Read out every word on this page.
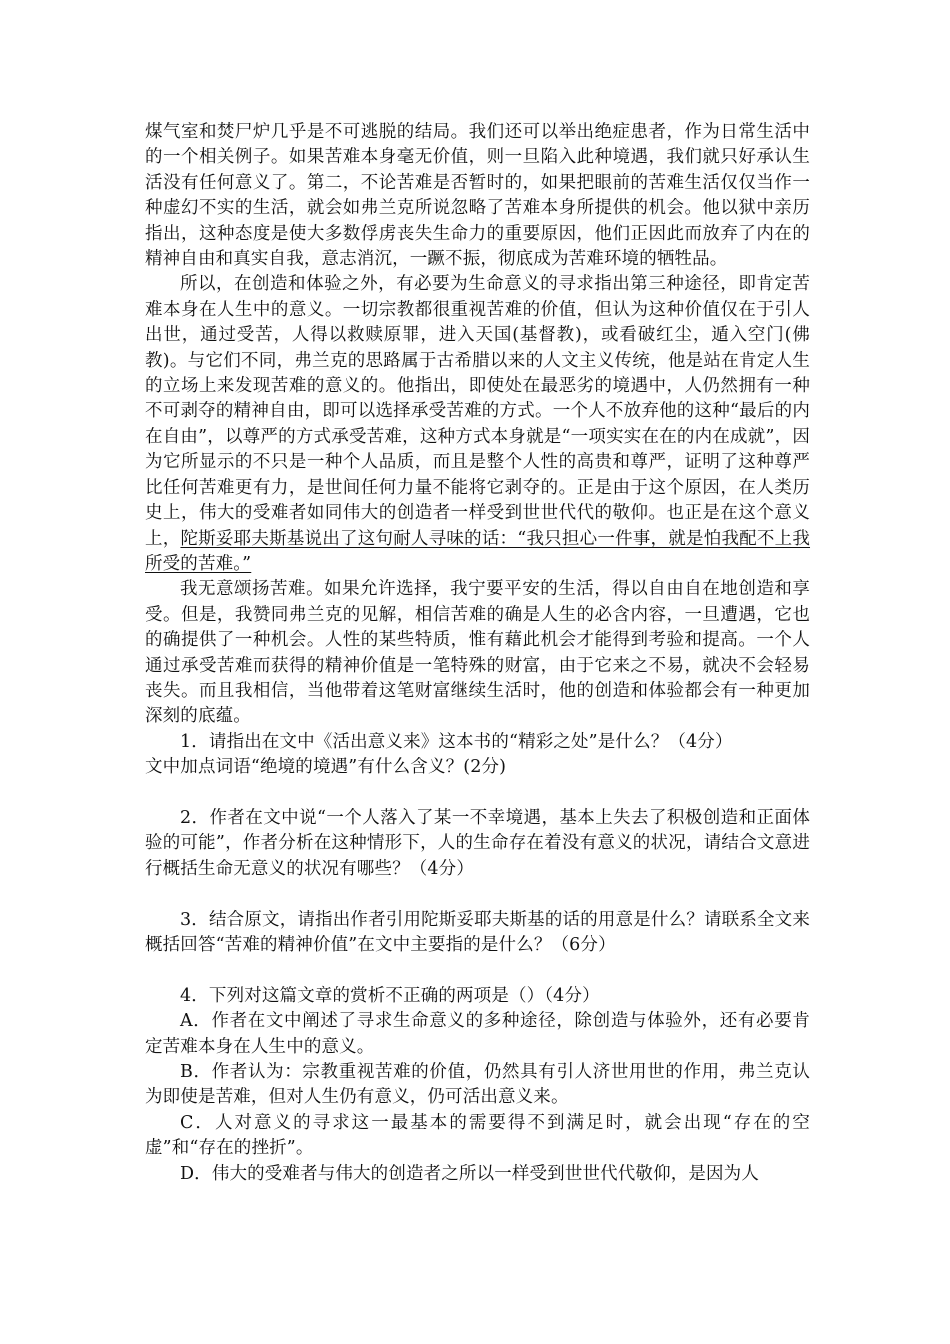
煤气室和焚尸炉几乎是不可逃脱的结局。我们还可以举出绝症患者，作为日常生活中的一个相关例子。如果苦难本身毫无价值，则一旦陷入此种境遇，我们就只好承认生活没有任何意义了。第二，不论苦难是否暂时的，如果把眼前的苦难生活仅仅当作一种虚幻不实的生活，就会如弗兰克所说忽略了苦难本身所提供的机会。他以狱中亲历指出，这种态度是使大多数俘虏丧失生命力的重要原因，他们正因此而放弃了内在的精神自由和真实自我，意志消沉，一蹶不振，彻底成为苦难环境的牺牲品。

所以，在创造和体验之外，有必要为生命意义的寻求指出第三种途径，即肯定苦难本身在人生中的意义。一切宗教都很重视苦难的价值，但认为这种价值仅在于引人出世，通过受苦，人得以救赎原罪，进入天国(基督教)，或看破红尘，遁入空门(佛教)。与它们不同，弗兰克的思路属于古希腊以来的人文主义传统，他是站在肯定人生的立场上来发现苦难的意义的。他指出，即使处在最恶劣的境遇中，人仍然拥有一种不可剥夺的精神自由，即可以选择承受苦难的方式。一个人不放弃他的这种“最后的内在自由”，以尊严的方式承受苦难，这种方式本身就是“一项实实在在的内在成就”，因为它所显示的不只是一种个人品质，而且是整个人性的高贵和尊严，证明了这种尊严比任何苦难更有力，是世间任何力量不能将它剥夺的。正是由于这个原因，在人类历史上，伟大的受难者如同伟大的创造者一样受到世世代代的敬仰。也正是在这个意义上，陀斯妥耶夫斯基说出了这句耐人寻味的话：“我只担心一件事，就是怕我配不上我所受的苦难。”

我无意颂扬苦难。如果允许选择，我宁要平安的生活，得以自由自在地创造和享受。但是，我赞同弗兰克的见解，相信苦难的确是人生的必含内容，一旦遭遇，它也的确提供了一种机会。人性的某些特质，惟有藉此机会才能得到考验和提高。一个人通过承受苦难而获得的精神价值是一笔特殊的财富，由于它来之不易，就决不会轻易丧失。而且我相信，当他带着这笔财富继续生活时，他的创造和体验都会有一种更加深刻的底蕴。

1．请指出在文中《活出意义来》这本书的“精彩之处”是什么？（4分）

文中加点词语“绝境的境遇”有什么含义？(2分)

2．作者在文中说“一个人落入了某一不幸境遇，基本上失去了积极创造和正面体验的可能”，作者分析在这种情形下，人的生命存在着没有意义的状况，请结合文意进行概括生命无意义的状况有哪些？（4分）

3．结合原文，请指出作者引用陀斯妥耶夫斯基的话的用意是什么？请联系全文来概括回答“苦难的精神价值”在文中主要指的是什么？（6分）

4．下列对这篇文章的赏析不正确的两项是（）（4分）

A．作者在文中阐述了寻求生命意义的多种途径，除创造与体验外，还有必要肯定苦难本身在人生中的意义。

B．作者认为：宗教重视苦难的价值，仍然具有引人济世用世的作用，弗兰克认为即使是苦难，但对人生仍有意义，仍可活出意义来。

C．人对意义的寻求这一最基本的需要得不到满足时，就会出现“存在的空虚”和“存在的挫折”。

D．伟大的受难者与伟大的创造者之所以一样受到世世代代敬仰，是因为人
